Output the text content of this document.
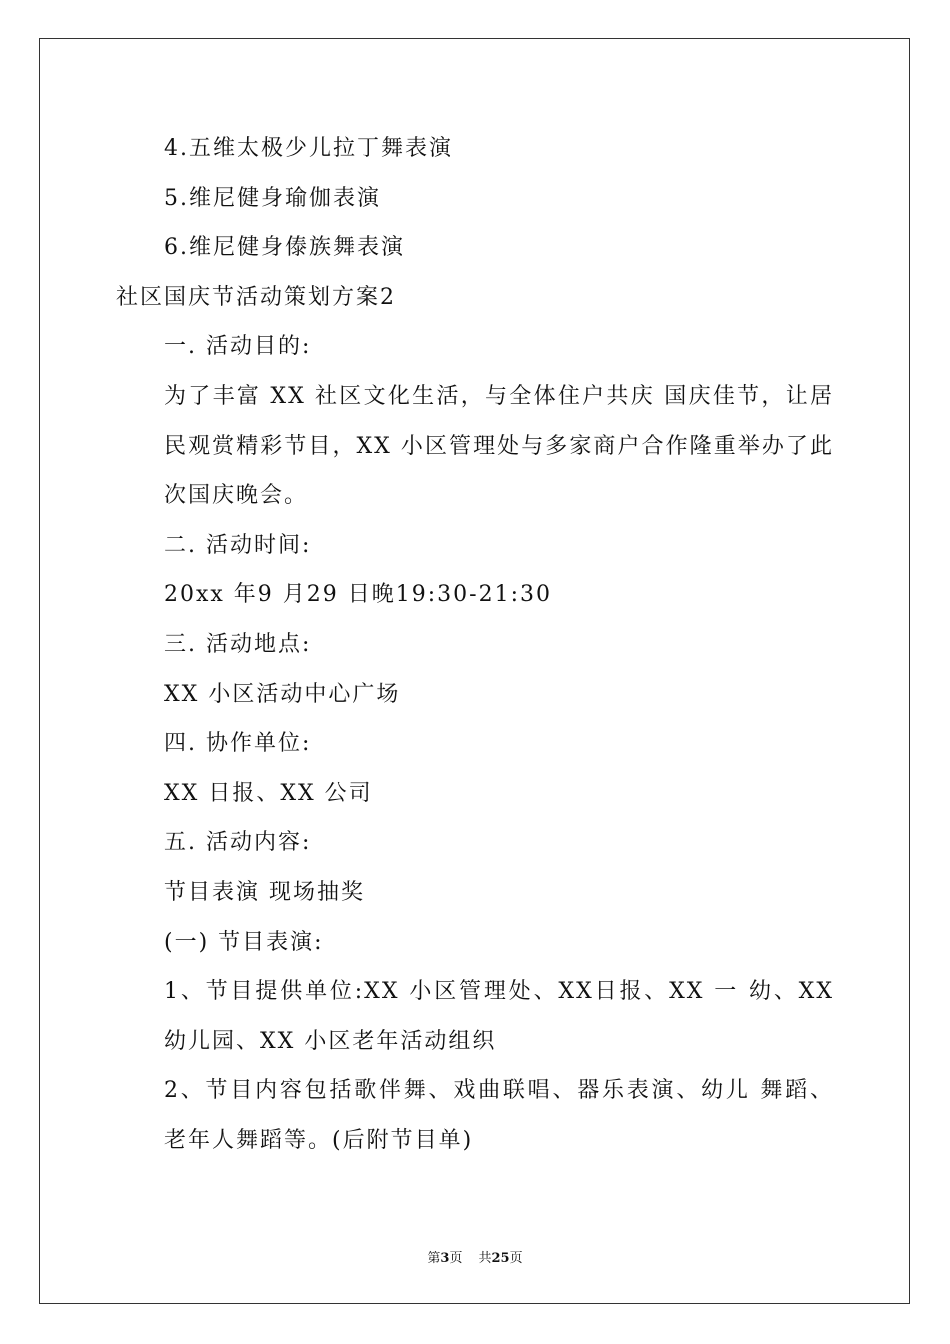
4.五维太极少儿拉丁舞表演
5.维尼健身瑜伽表演
6.维尼健身傣族舞表演
社区国庆节活动策划方案2
一. 活动目的:
为了丰富 XX 社区文化生活，与全体住户共庆 国庆佳节，让居民观赏精彩节目，XX 小区管理处与多家商户合作隆重举办了此次国庆晚会。
二. 活动时间:
20xx 年9 月29 日晚19:30-21:30
三. 活动地点:
XX 小区活动中心广场
四. 协作单位:
XX 日报、XX 公司
五. 活动内容:
节目表演 现场抽奖
(一) 节目表演:
1、节目提供单位:XX 小区管理处、XX日报、XX 一 幼、XX 幼儿园、XX 小区老年活动组织
2、节目内容包括歌伴舞、戏曲联唱、器乐表演、幼儿 舞蹈、老年人舞蹈等。(后附节目单)
第3页 共25页
